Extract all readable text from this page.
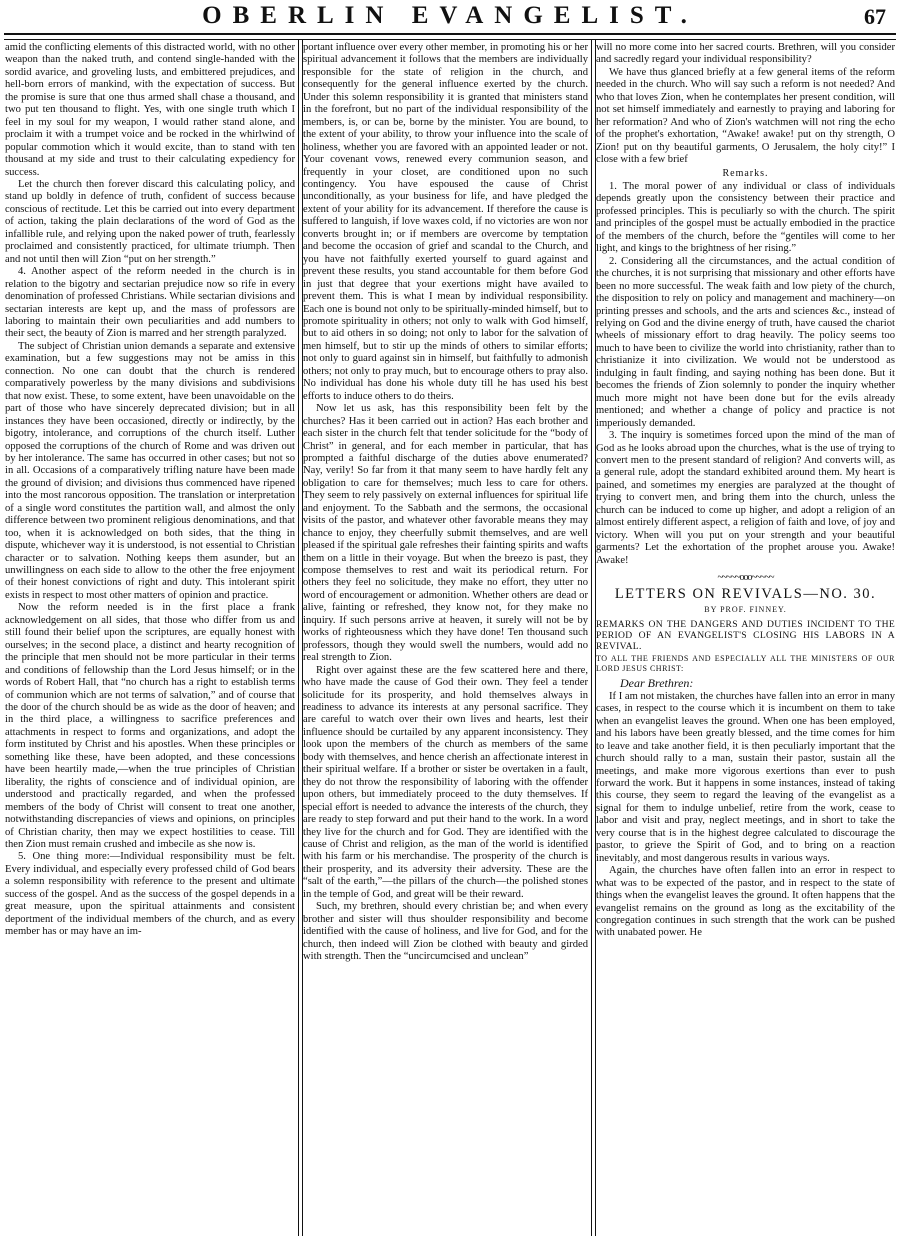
OBERLIN EVANGELIST.	67

amid the conflicting elements of this distracted world, with no other weapon than the naked truth, and contend single-handed with the sordid avarice, and groveling lusts, and embittered prejudices, and hell-born errors of mankind, with the expectation of success. But the promise is sure that one thus armed shall chase a thousand, and two put ten thousand to flight. Yes, with one single truth which I feel in my soul for my weapon, I would rather stand alone, and proclaim it with a trumpet voice and be rocked in the whirlwind of popular commotion which it would excite, than to stand with ten thousand at my side and trust to their calculating expediency for success.

Let the church then forever discard this calculating policy, and stand up boldly in defence of truth, confident of success because conscious of rectitude. Let this be carried out into every department of action, taking the plain declarations of the word of God as the infallible rule, and relying upon the naked power of truth, fearlessly proclaimed and consistently practiced, for ultimate triumph. Then and not until then will Zion “put on her strength.”

4. Another aspect of the reform needed in the church is in relation to the bigotry and sectarian prejudice now so rife in every denomination of professed Christians. While sectarian divisions and sectarian interests are kept up, and the mass of professors are laboring to maintain their own peculiarities and add numbers to their sect, the beauty of Zion is marred and her strength paralyzed.

The subject of Christian union demands a separate and extensive examination, but a few suggestions may not be amiss in this connection. No one can doubt that the church is rendered comparatively powerless by the many divisions and subdivisions that now exist. These, to some extent, have been unavoidable on the part of those who have sincerely deprecated division; but in all instances they have been occasioned, directly or indirectly, by the bigotry, intolerance, and corruptions of the church itself. Luther opposed the corruptions of the church of Rome and was driven out by her intolerance. The same has occurred in other cases; but not so in all. Occasions of a comparatively trifling nature have been made the ground of division; and divisions thus commenced have ripened into the most rancorous opposition. The translation or interpretation of a single word constitutes the partition wall, and almost the only difference between two prominent religious denominations, and that too, when it is acknowledged on both sides, that the thing in dispute, whichever way it is understood, is not essential to Christian character or to salvation. Nothing keeps them asunder, but an unwillingness on each side to allow to the other the free enjoyment of their honest convictions of right and duty. This intolerant spirit exists in respect to most other matters of opinion and practice.

Now the reform needed is in the first place a frank acknowledgement on all sides, that those who differ from us and still found their belief upon the scriptures, are equally honest with ourselves; in the second place, a distinct and hearty recognition of the principle that men should not be more particular in their terms and conditions of fellowship than the Lord Jesus himself; or in the words of Robert Hall, that “no church has a right to establish terms of communion which are not terms of salvation,” and of course that the door of the church should be as wide as the door of heaven; and in the third place, a willingness to sacrifice preferences and attachments in respect to forms and organizations, and adopt the form instituted by Christ and his apostles. When these principles or something like these, have been adopted, and these concessions have been heartily made,—when the true principles of Christian liberality, the rights of conscience and of individual opinion, are understood and practically regarded, and when the professed members of the body of Christ will consent to treat one another, notwithstanding discrepancies of views and opinions, on principles of Christian charity, then may we expect hostilities to cease. Till then Zion must remain crushed and imbecile as she now is.

5. One thing more:—Individual responsibility must be felt. Every individual, and especially every professed child of God bears a solemn responsibility with reference to the present and ultimate success of the gospel. And as the success of the gospel depends in a great measure, upon the spiritual attainments and consistent deportment of the individual members of the church, and as every member has or may have an im-

portant influence over every other member, in promoting his or her spiritual advancement it follows that the members are individually responsible for the state of religion in the church, and consequently for the general influence exerted by the church. Under this solemn responsibility it is granted that ministers stand in the forefront, but no part of the individual responsibility of the members, is, or can be, borne by the minister. You are bound, to the extent of your ability, to throw your influence into the scale of holiness, whether you are favored with an appointed leader or not. Your covenant vows, renewed every communion season, and frequently in your closet, are conditioned upon no such contingency. You have espoused the cause of Christ unconditionally, as your business for life, and have pledged the extent of your ability for its advancement. If therefore the cause is suffered to languish, if love waxes cold, if no victories are won nor converts brought in; or if members are overcome by temptation and become the occasion of grief and scandal to the Church, and you have not faithfully exerted yourself to guard against and prevent these results, you stand accountable for them before God in just that degree that your exertions might have availed to prevent them. This is what I mean by individual responsibility. Each one is bound not only to be spiritually-minded himself, but to promote spirituality in others; not only to walk with God himself, but to aid others in so doing; not only to labor for the salvation of men himself, but to stir up the minds of others to similar efforts; not only to guard against sin in himself, but faithfully to admonish others; not only to pray much, but to encourage others to pray also. No individual has done his whole duty till he has used his best efforts to induce others to do theirs.

Now let us ask, has this responsibility been felt by the churches? Has it been carried out in action? Has each brother and each sister in the church felt that tender solicitude for the “body of Christ” in general, and for each member in particular, that has prompted a faithful discharge of the duties above enumerated? Nay, verily! So far from it that many seem to have hardly felt any obligation to care for themselves; much less to care for others. They seem to rely passively on external influences for spiritual life and enjoyment. To the Sabbath and the sermons, the occasional visits of the pastor, and whatever other favorable means they may chance to enjoy, they cheerfully submit themselves, and are well pleased if the spiritual gale refreshes their fainting spirits and wafts them on a little in their voyage. But when the breezo is past, they compose themselves to rest and wait its periodical return. For others they feel no solicitude, they make no effort, they utter no word of encouragement or admonition. Whether others are dead or alive, fainting or refreshed, they know not, for they make no inquiry. If such persons arrive at heaven, it surely will not be by works of righteousness which they have done! Ten thousand such professors, though they would swell the numbers, would add no real strength to Zion.

Right over against these are the few scattered here and there, who have made the cause of God their own. They feel a tender solicitude for its prosperity, and hold themselves always in readiness to advance its interests at any personal sacrifice. They are careful to watch over their own lives and hearts, lest their influence should be curtailed by any apparent inconsistency. They look upon the members of the church as members of the same body with themselves, and hence cherish an affectionate interest in their spiritual welfare. If a brother or sister be overtaken in a fault, they do not throw the responsibility of laboring with the offender upon others, but immediately proceed to the duty themselves. If special effort is needed to advance the interests of the church, they are ready to step forward and put their hand to the work. In a word they live for the church and for God. They are identified with the cause of Christ and religion, as the man of the world is identified with his farm or his merchandise. The prosperity of the church is their prosperity, and its adversity their adversity. These are the “salt of the earth,”—the pillars of the church—the polished stones in the temple of God, and great will be their reward.

Such, my brethren, should every christian be; and when every brother and sister will thus shoulder responsibility and become identified with the cause of holiness, and live for God, and for the church, then indeed will Zion be clothed with beauty and girded with strength. Then the “uncircumcised and unclean”

will no more come into her sacred courts. Brethren, will you consider and sacredly regard your individual responsibility?

We have thus glanced briefly at a few general items of the reform needed in the church. Who will say such a reform is not needed? And who that loves Zion, when he contemplates her present condition, will not set himself immediately and earnestly to praying and laboring for her reformation? And who of Zion's watchmen will not ring the echo of the prophet's exhortation, “Awake! awake! put on thy strength, O Zion! put on thy beautiful garments, O Jerusalem, the holy city!” I close with a few brief

Remarks.

1. The moral power of any individual or class of individuals depends greatly upon the consistency between their practice and professed principles. This is peculiarly so with the church. The spirit and principles of the gospel must be actually embodied in the practice of the members of the church, before the “gentiles will come to her light, and kings to the brightness of her rising.”

2. Considering all the circumstances, and the actual condition of the churches, it is not surprising that missionary and other efforts have been no more successful. The weak faith and low piety of the church, the disposition to rely on policy and management and machinery—on printing presses and schools, and the arts and sciences &c., instead of relying on God and the divine energy of truth, have caused the chariot wheels of missionary effort to drag heavily. The policy seems too much to have been to civilize the world into christianity, rather than to christianize it into civilization. We would not be understood as indulging in fault finding, and saying nothing has been done. But it becomes the friends of Zion solemnly to ponder the inquiry whether much more might not have been done but for the evils already mentioned; and whether a change of policy and practice is not imperiously demanded.

3. The inquiry is sometimes forced upon the mind of the man of God as he looks abroad upon the churches, what is the use of trying to convert men to the present standard of religion? And converts will, as a general rule, adopt the standard exhibited around them. My heart is pained, and sometimes my energies are paralyzed at the thought of trying to convert men, and bring them into the church, unless the church can be induced to come up higher, and adopt a religion of an almost entirely different aspect, a religion of faith and love, of joy and victory. When will you put on your strength and your beautiful garments? Let the exhortation of the prophet arouse you. Awake! Awake!

~~~~~ooo~~~~~

LETTERS ON REVIVALS—NO. 30.

BY PROF. FINNEY.

REMARKS ON THE DANGERS AND DUTIES INCIDENT TO THE PERIOD OF AN EVANGELIST'S CLOSING HIS LABORS IN A REVIVAL.

TO ALL THE FRIENDS AND ESPECIALLY ALL THE MINISTERS OF OUR LORD JESUS CHRIST:

Dear Brethren:

If I am not mistaken, the churches have fallen into an error in many cases, in respect to the course which it is incumbent on them to take when an evangelist leaves the ground. When one has been employed, and his labors have been greatly blessed, and the time comes for him to leave and take another field, it is then peculiarly important that the church should rally to a man, sustain their pastor, sustain all the meetings, and make more vigorous exertions than ever to push forward the work. But it happens in some instances, instead of taking this course, they seem to regard the leaving of the evangelist as a signal for them to indulge unbelief, retire from the work, cease to labor and visit and pray, neglect meetings, and in short to take the very course that is in the highest degree calculated to discourage the pastor, to grieve the Spirit of God, and to bring on a reaction inevitably, and most dangerous results in various ways.

Again, the churches have often fallen into an error in respect to what was to be expected of the pastor, and in respect to the state of things when the evangelist leaves the ground. It often happens that the evangelist remains on the ground as long as the excitability of the congregation continues in such strength that the work can be pushed with unabated power. He
